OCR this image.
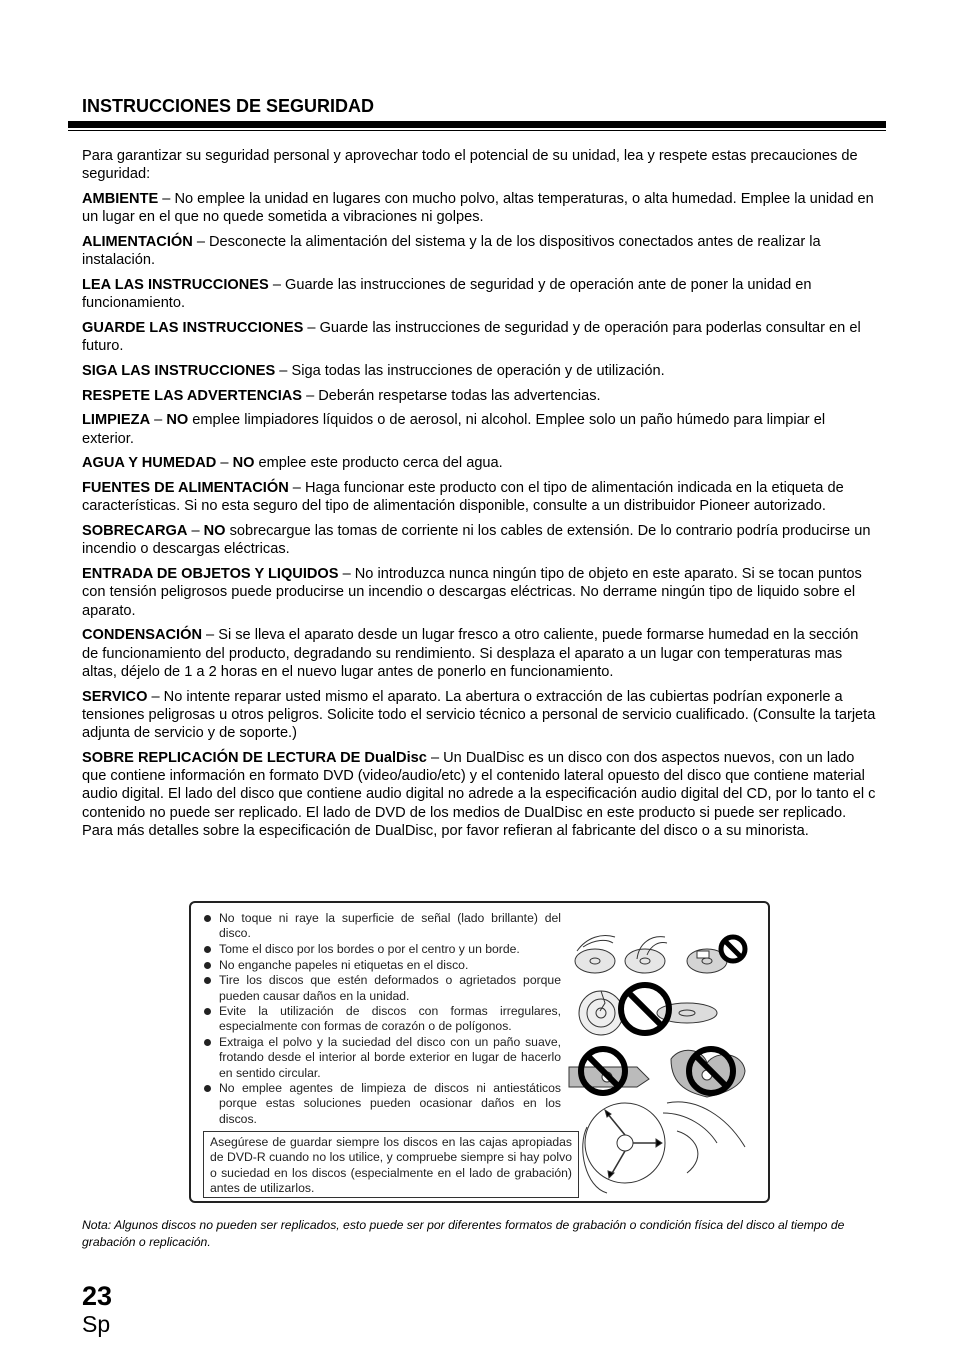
INSTRUCCIONES DE SEGURIDAD

Para garantizar su seguridad personal y aprovechar todo el potencial de su unidad, lea y respete estas precauciones de seguridad:

AMBIENTE – No emplee la unidad en lugares con mucho polvo, altas temperaturas, o alta humedad. Emplee la unidad en un lugar en el que no quede sometida a vibraciones ni golpes.

ALIMENTACIÓN – Desconecte la alimentación del sistema y la de los dispositivos conectados antes de realizar la instalación.

LEA LAS INSTRUCCIONES – Guarde las instrucciones de seguridad y de operación ante de poner la unidad en funcionamiento.

GUARDE LAS INSTRUCCIONES – Guarde las instrucciones de seguridad y de operación para poderlas consultar en el futuro.

SIGA LAS INSTRUCCIONES – Siga todas las instrucciones de operación y de utilización.

RESPETE LAS ADVERTENCIAS – Deberán respetarse todas las advertencias.

LIMPIEZA – NO emplee limpiadores líquidos o de aerosol, ni alcohol. Emplee solo un paño húmedo para limpiar el exterior.

AGUA Y HUMEDAD – NO emplee este producto cerca del agua.

FUENTES DE ALIMENTACIÓN – Haga funcionar este producto con el tipo de alimentación indicada en la etiqueta de características. Si no esta seguro del tipo de alimentación disponible, consulte a un distribuidor Pioneer autorizado.

SOBRECARGA – NO sobrecargue las tomas de corriente ni los cables de extensión. De lo contrario podría producirse un incendio o descargas eléctricas.

ENTRADA DE OBJETOS Y LIQUIDOS – No introduzca nunca ningún tipo de objeto en este aparato. Si se tocan puntos con tensión peligrosos puede producirse un incendio o descargas eléctricas. No derrame ningún tipo de liquido sobre el aparato.

CONDENSACIÓN – Si se lleva el aparato desde un lugar fresco a otro caliente, puede formarse humedad en la sección de funcionamiento del producto, degradando su rendimiento. Si desplaza el aparato a un lugar con temperaturas mas altas, déjelo de 1 a 2 horas en el nuevo lugar antes de ponerlo en funcionamiento.

SERVICO – No intente reparar usted mismo el aparato. La abertura o extracción de las cubiertas podrían exponerle a tensiones peligrosas u otros peligros. Solicite todo el servicio técnico a personal de servicio cualificado. (Consulte la tarjeta adjunta de servicio y de soporte.)

SOBRE REPLICACIÓN DE LECTURA DE DualDisc – Un DualDisc es un disco con dos aspectos nuevos, con un lado que contiene información en formato DVD (video/audio/etc) y el contenido lateral opuesto del disco que contiene material audio digital. El lado del disco que contiene audio digital no adrede a la especificación audio digital del CD, por lo tanto el c contenido no puede ser replicado. El lado de DVD de los medios de DualDisc en este producto si puede ser replicado. Para más detalles sobre la especificación de DualDisc, por favor refieran al fabricante del disco o a su minorista.

No toque ni raye la superficie de señal (lado brillante) del disco.
Tome el disco por los bordes o por el centro y un borde.
No enganche papeles ni etiquetas en el disco.
Tire los discos que estén deformados o agrietados porque pueden causar daños en la unidad.
Evite la utilización de discos con formas irregulares, especialmente con formas de corazón o de polígonos.
Extraiga el polvo y la suciedad del disco con un paño suave, frotando desde el interior al borde exterior en lugar de hacerlo en sentido circular.
No emplee agentes de limpieza de discos ni antiestáticos porque estas soluciones pueden ocasionar daños en los discos.
Asegúrese de guardar siempre los discos en las cajas apropiadas de DVD-R cuando no los utilice, y compruebe siempre si hay polvo o suciedad en los discos (especialmente en el lado de grabación) antes de utilizarlos.
Nota: Algunos discos no pueden ser replicados, esto puede ser por diferentes formatos de grabación o condición física del disco al tiempo de grabación o replicación.
23
Sp
